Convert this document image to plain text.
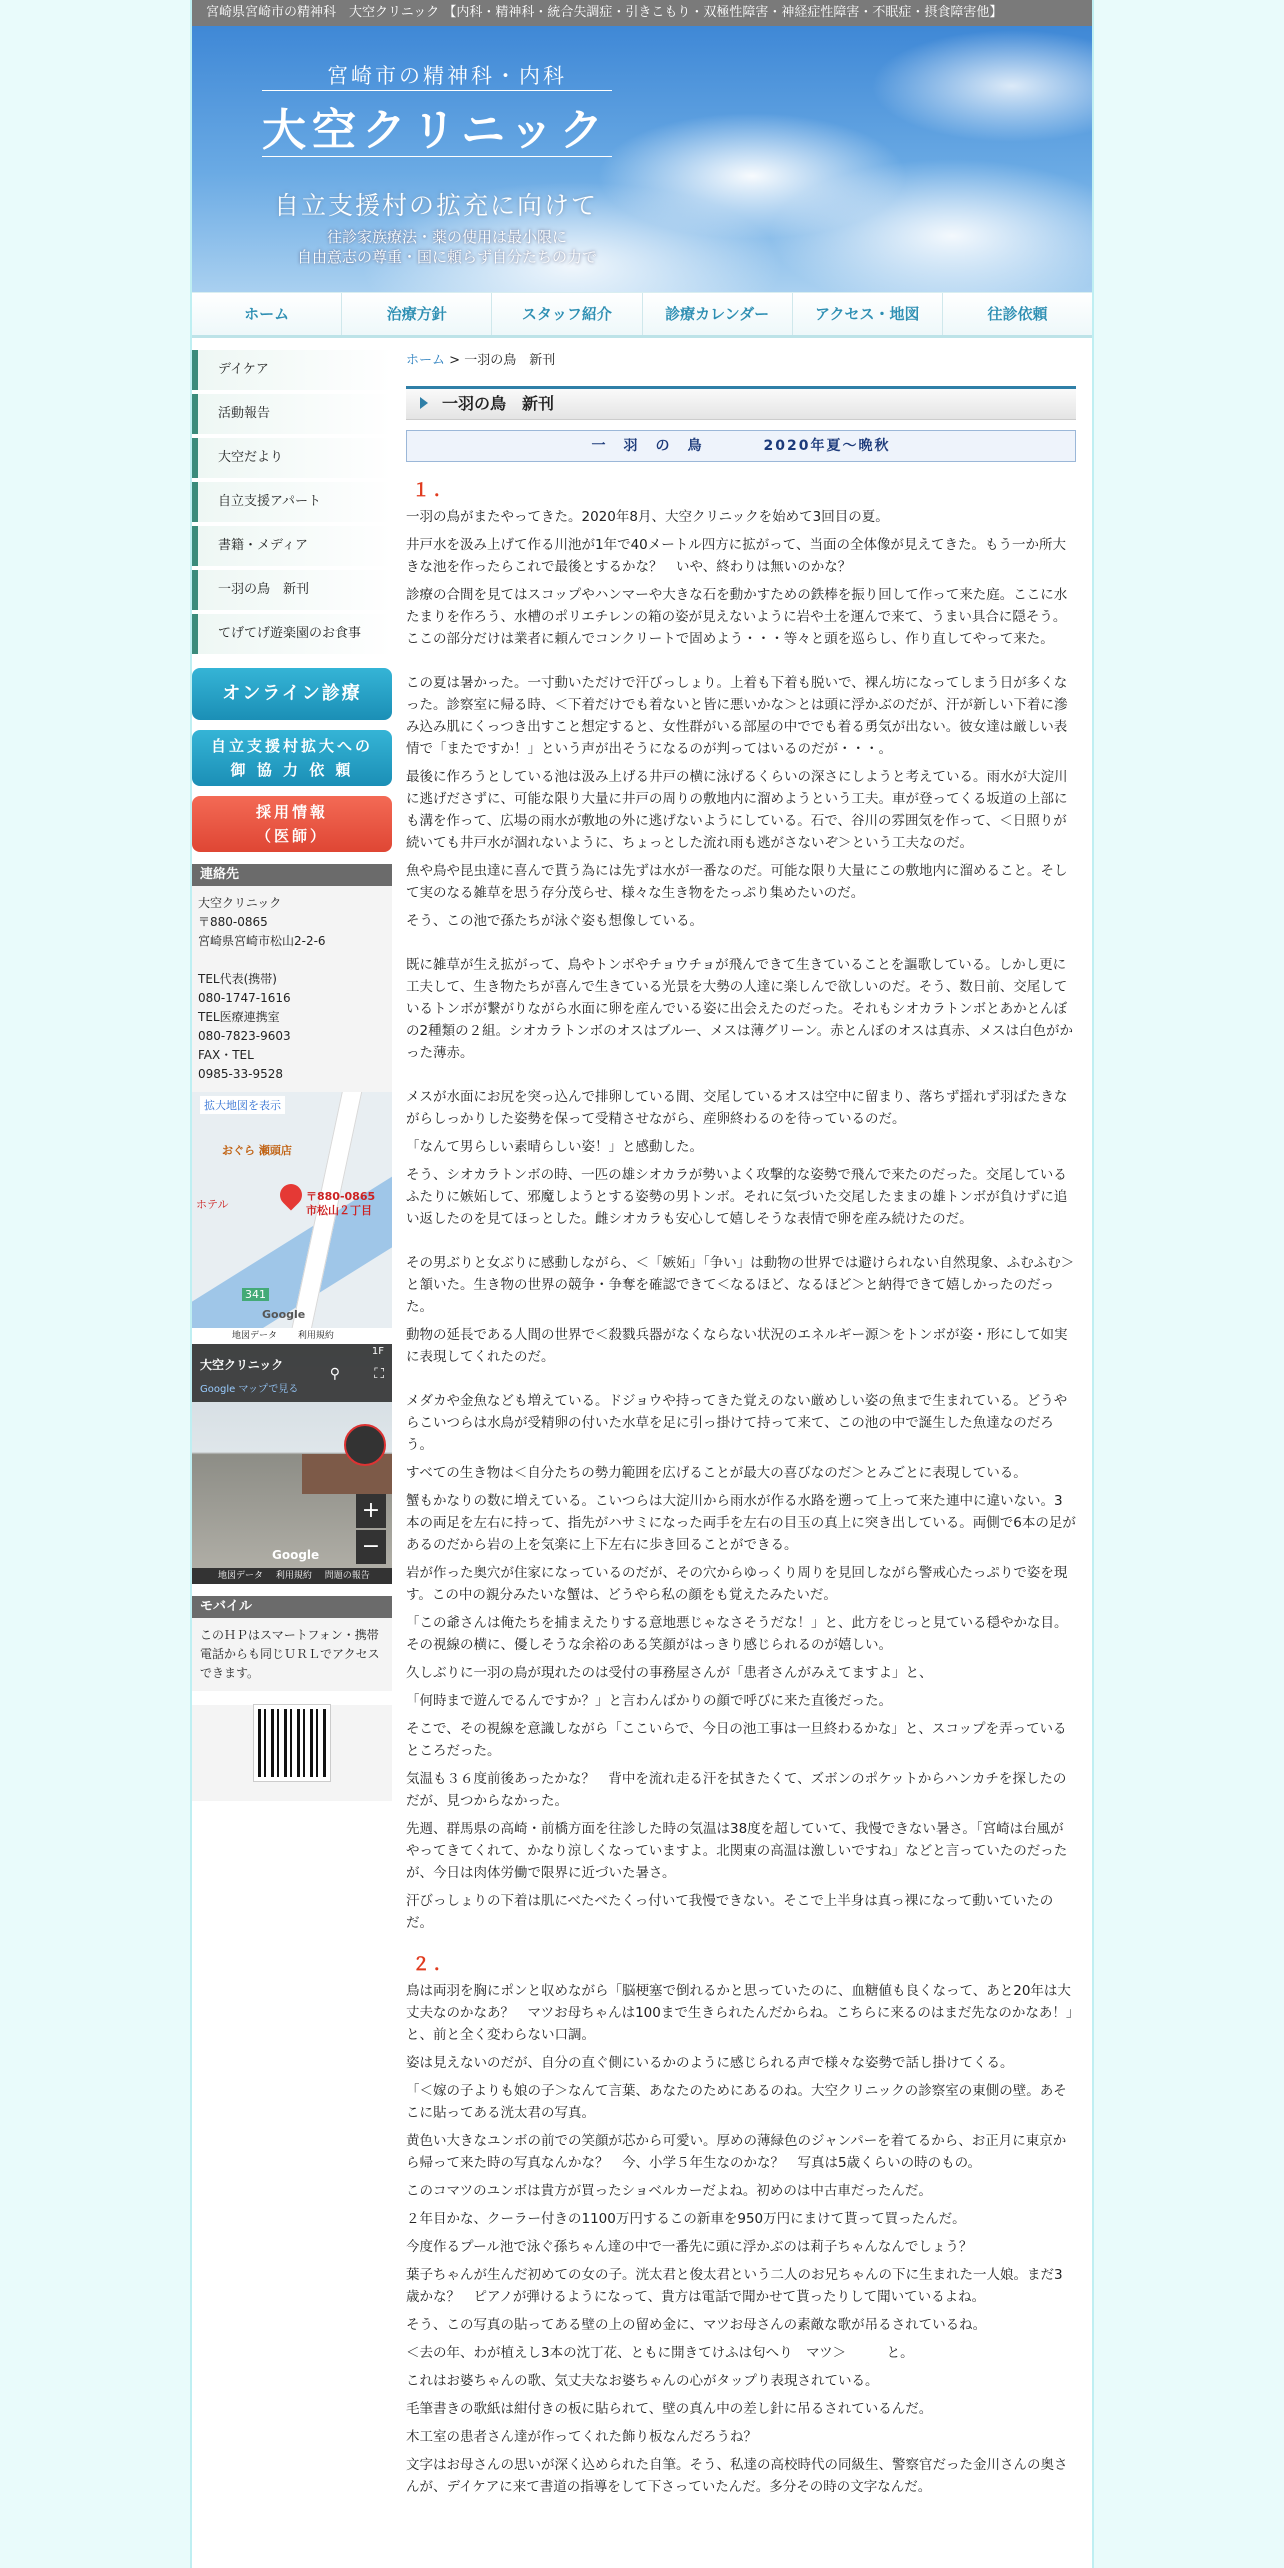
宮崎県宮崎市の精神科　大空クリニック 【内科・精神科・統合失調症・引きこもり・双極性障害・神経症性障害・不眠症・摂食障害他】
宮崎市の精神科・内科
大空クリニック
自立支援村の拡充に向けて
往診家族療法・薬の使用は最小限に
自由意志の尊重・国に頼らず自分たちの力で
ホーム	治療方針	スタッフ紹介	診療カレンダー	アクセス・地図	往診依頼
デイケア
活動報告
大空だより
自立支援アパート
書籍・メディア
一羽の鳥　新刊
てげてげ遊楽園のお食事
オンライン診療
自立支援村拡大への
御 協 力 依 頼
採用情報
（医師）
連絡先
大空クリニック
〒880-0865
宮崎県宮崎市松山2-2-6
TEL代表(携帯)
080-1747-1616
TEL医療連携室
080-7823-9603
FAX・TEL
0985-33-9528
拡大地図を表示
おぐら 瀬頭店
ホテル
〒880-0865
市松山２丁目
341
Google
地図データ 利用規約
大空クリニック
Google マップで見る
1F
⚲ ⛶
+
−
Google
地図データ 利用規約 問題の報告
モバイル
このＨＰはスマートフォン・携帯電話からも同じＵＲＬでアクセスできます。
ホーム > 一羽の鳥　新刊
一羽の鳥　新刊
一　羽　の　鳥	2020年夏～晩秋
１．

一羽の鳥がまたやってきた。2020年8月、大空クリニックを始めて3回目の夏。

井戸水を汲み上げて作る川池が1年で40メートル四方に拡がって、当面の全体像が見えてきた。もう一か所大きな池を作ったらこれで最後とするかな？　いや、終わりは無いのかな？

診療の合間を見てはスコップやハンマーや大きな石を動かすための鉄棒を振り回して作って来た庭。ここに水たまりを作ろう、水槽のポリエチレンの箱の姿が見えないように岩や土を運んで来て、うまい具合に隠そう。ここの部分だけは業者に頼んでコンクリートで固めよう・・・等々と頭を巡らし、作り直してやって来た。

この夏は暑かった。一寸動いただけで汗びっしょり。上着も下着も脱いで、裸ん坊になってしまう日が多くなった。診察室に帰る時、＜下着だけでも着ないと皆に悪いかな＞とは頭に浮かぶのだが、汗が新しい下着に滲み込み肌にくっつき出すこと想定すると、女性群がいる部屋の中ででも着る勇気が出ない。彼女達は厳しい表情で「またですか！」という声が出そうになるのが判ってはいるのだが・・・。

最後に作ろうとしている池は汲み上げる井戸の横に泳げるくらいの深さにしようと考えている。雨水が大淀川に逃げださずに、可能な限り大量に井戸の周りの敷地内に溜めようという工夫。車が登ってくる坂道の上部にも溝を作って、広場の雨水が敷地の外に逃げないようにしている。石で、谷川の雰囲気を作って、＜日照りが続いても井戸水が涸れないように、ちょっとした流れ雨も逃がさないぞ＞という工夫なのだ。

魚や鳥や昆虫達に喜んで貰う為には先ずは水が一番なのだ。可能な限り大量にこの敷地内に溜めること。そして実のなる雑草を思う存分茂らせ、様々な生き物をたっぷり集めたいのだ。

そう、この池で孫たちが泳ぐ姿も想像している。

既に雑草が生え拡がって、鳥やトンボやチョウチョが飛んできて生きていることを謳歌している。しかし更に工夫して、生き物たちが喜んで生きている光景を大勢の人達に楽しんで欲しいのだ。そう、数日前、交尾しているトンボが繋がりながら水面に卵を産んでいる姿に出会えたのだった。それもシオカラトンボとあかとんぼの2種類の２組。シオカラトンボのオスはブルー、メスは薄グリーン。赤とんぼのオスは真赤、メスは白色がかった薄赤。

メスが水面にお尻を突っ込んで排卵している間、交尾しているオスは空中に留まり、落ちず揺れず羽ばたきながらしっかりした姿勢を保って受精させながら、産卵終わるのを待っているのだ。

「なんて男らしい素晴らしい姿！」と感動した。

そう、シオカラトンボの時、一匹の雄シオカラが勢いよく攻撃的な姿勢で飛んで来たのだった。交尾しているふたりに嫉妬して、邪魔しようとする姿勢の男トンボ。それに気づいた交尾したままの雄トンボが負けずに追い返したのを見てほっとした。雌シオカラも安心して嬉しそうな表情で卵を産み続けたのだ。

その男ぶりと女ぶりに感動しながら、＜「嫉妬」「争い」は動物の世界では避けられない自然現象、ふむふむ＞と頷いた。生き物の世界の競争・争奪を確認できて＜なるほど、なるほど＞と納得できて嬉しかったのだった。

動物の延長である人間の世界で＜殺戮兵器がなくならない状況のエネルギー源＞をトンボが姿・形にして如実に表現してくれたのだ。

メダカや金魚なども増えている。ドジョウや持ってきた覚えのない厳めしい姿の魚まで生まれている。どうやらこいつらは水鳥が受精卵の付いた水草を足に引っ掛けて持って来て、この池の中で誕生した魚達なのだろう。

すべての生き物は＜自分たちの勢力範囲を広げることが最大の喜びなのだ＞とみごとに表現している。

蟹もかなりの数に増えている。こいつらは大淀川から雨水が作る水路を遡って上って来た連中に違いない。3本の両足を左右に持って、指先がハサミになった両手を左右の目玉の真上に突き出している。両側で6本の足があるのだから岩の上を気楽に上下左右に歩き回ることができる。

岩が作った奥穴が住家になっているのだが、その穴からゆっくり周りを見回しながら警戒心たっぷりで姿を現す。この中の親分みたいな蟹は、どうやら私の顔をも覚えたみたいだ。

「この爺さんは俺たちを捕まえたりする意地悪じゃなさそうだな！」と、此方をじっと見ている穏やかな目。その視線の横に、優しそうな余裕のある笑顔がはっきり感じられるのが嬉しい。

久しぶりに一羽の鳥が現れたのは受付の事務屋さんが「患者さんがみえてますよ」と、

「何時まで遊んでるんですか？」と言わんばかりの顔で呼びに来た直後だった。

そこで、その視線を意識しながら「ここいらで、今日の池工事は一旦終わるかな」と、スコップを弄っているところだった。

気温も３６度前後あったかな？　背中を流れ走る汗を拭きたくて、ズボンのポケットからハンカチを探したのだが、見つからなかった。

先週、群馬県の高崎・前橋方面を往診した時の気温は38度を超していて、我慢できない暑さ。「宮崎は台風がやってきてくれて、かなり涼しくなっていますよ。北関東の高温は激しいですね」などと言っていたのだったが、今日は肉体労働で限界に近づいた暑さ。

汗びっしょりの下着は肌にべたべたくっ付いて我慢できない。そこで上半身は真っ裸になって動いていたのだ。

２．

鳥は両羽を胸にポンと収めながら「脳梗塞で倒れるかと思っていたのに、血糖値も良くなって、あと20年は大丈夫なのかなあ？　マツお母ちゃんは100まで生きられたんだからね。こちらに来るのはまだ先なのかなあ！」と、前と全く変わらない口調。

姿は見えないのだが、自分の直ぐ側にいるかのように感じられる声で様々な姿勢で話し掛けてくる。

「＜嫁の子よりも娘の子＞なんて言葉、あなたのためにあるのね。大空クリニックの診察室の東側の壁。あそこに貼ってある洸太君の写真。

黄色い大きなユンボの前での笑顔が芯から可愛い。厚めの薄緑色のジャンパーを着てるから、お正月に東京から帰って来た時の写真なんかな？　今、小学５年生なのかな？　写真は5歳くらいの時のもの。

このコマツのユンボは貴方が買ったショベルカーだよね。初めのは中古車だったんだ。

２年目かな、クーラー付きの1100万円するこの新車を950万円にまけて貰って買ったんだ。

今度作るプール池で泳ぐ孫ちゃん達の中で一番先に頭に浮かぶのは莉子ちゃんなんでしょう？

葉子ちゃんが生んだ初めての女の子。洸太君と俊太君という二人のお兄ちゃんの下に生まれた一人娘。まだ3歳かな？　ピアノが弾けるようになって、貴方は電話で聞かせて貰ったりして聞いているよね。

そう、この写真の貼ってある壁の上の留め金に、マツお母さんの素敵な歌が吊るされているね。

＜去の年、わが植えし3本の沈丁花、ともに開きてけふは匂へり　マツ＞　　　と。

これはお婆ちゃんの歌、気丈夫なお婆ちゃんの心がタップり表現されている。

毛筆書きの歌紙は紺付きの板に貼られて、壁の真ん中の差し針に吊るされているんだ。

木工室の患者さん達が作ってくれた飾り板なんだろうね？

文字はお母さんの思いが深く込められた自筆。そう、私達の高校時代の同級生、警察官だった金川さんの奥さんが、デイケアに来て書道の指導をして下さっていたんだ。多分その時の文字なんだ。
